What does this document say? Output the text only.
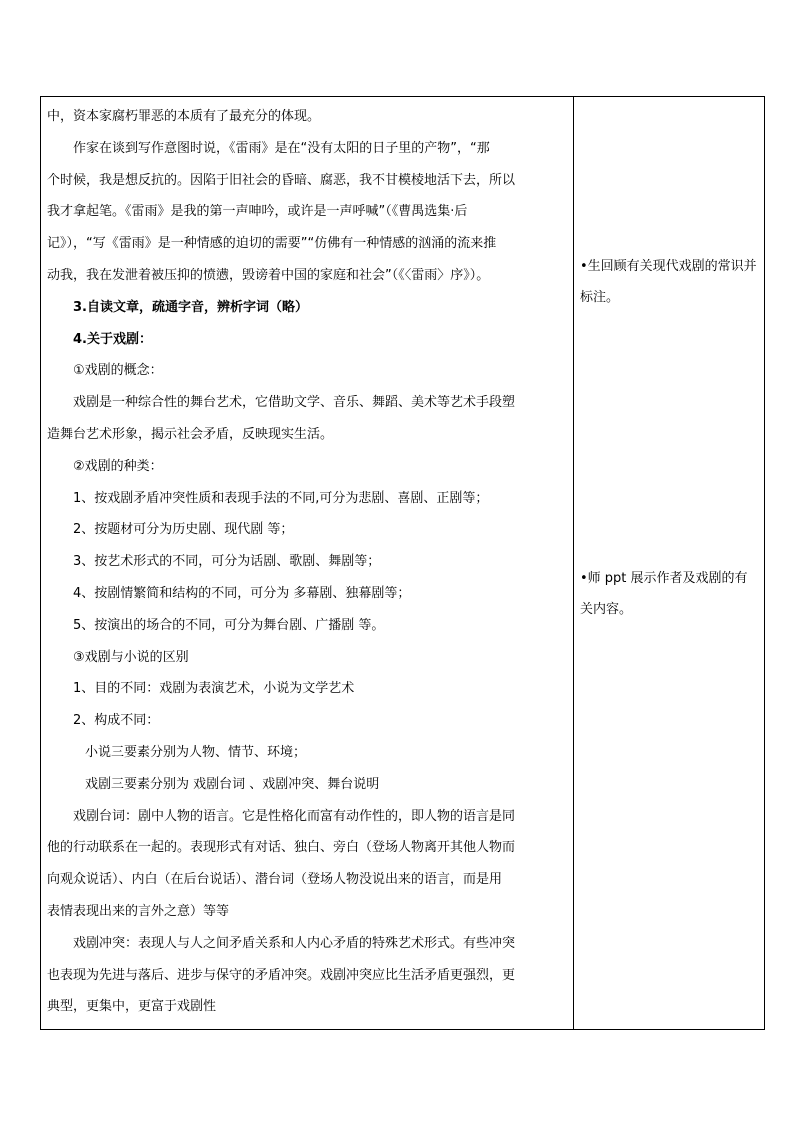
中，资本家腐朽罪恶的本质有了最充分的体现。

作家在谈到写作意图时说，《雷雨》是在“没有太阳的日子里的产物”，“那

个时候，我是想反抗的。因陷于旧社会的昏暗、腐恶，我不甘模棱地活下去，所以

我才拿起笔。《雷雨》是我的第一声呻吟，或许是一声呼喊”（《曹禺选集·后

记》），“写《雷雨》是一种情感的迫切的需要”“仿佛有一种情感的汹涌的流来推

动我，我在发泄着被压抑的愤懑，毁谤着中国的家庭和社会”（《〈雷雨〉序》）。

3.自读文章，疏通字音，辨析字词（略）

4.关于戏剧：

①戏剧的概念：

戏剧是一种综合性的舞台艺术，它借助文学、音乐、舞蹈、美术等艺术手段塑

造舞台艺术形象，揭示社会矛盾，反映现实生活。

②戏剧的种类：

1、按戏剧矛盾冲突性质和表现手法的不同,可分为悲剧、喜剧、正剧等；

2、按题材可分为历史剧、现代剧 等；

3、按艺术形式的不同，可分为话剧、歌剧、舞剧等；

4、按剧情繁简和结构的不同，可分为 多幕剧、独幕剧等；

5、按演出的场合的不同，可分为舞台剧、广播剧 等。

③戏剧与小说的区别

1、目的不同：戏剧为表演艺术，小说为文学艺术

2、构成不同：

小说三要素分别为人物、情节、环境；

戏剧三要素分别为 戏剧台词 、戏剧冲突、舞台说明

戏剧台词：剧中人物的语言。它是性格化而富有动作性的，即人物的语言是同

他的行动联系在一起的。表现形式有对话、独白、旁白（登场人物离开其他人物而

向观众说话）、内白（在后台说话）、潜台词（登场人物没说出来的语言，而是用

表情表现出来的言外之意）等等

戏剧冲突：表现人与人之间矛盾关系和人内心矛盾的特殊艺术形式。有些冲突

也表现为先进与落后、进步与保守的矛盾冲突。戏剧冲突应比生活矛盾更强烈，更

典型，更集中，更富于戏剧性

•生回顾有关现代戏剧的常识并标注。
•师 ppt 展示作者及戏剧的有关内容。
